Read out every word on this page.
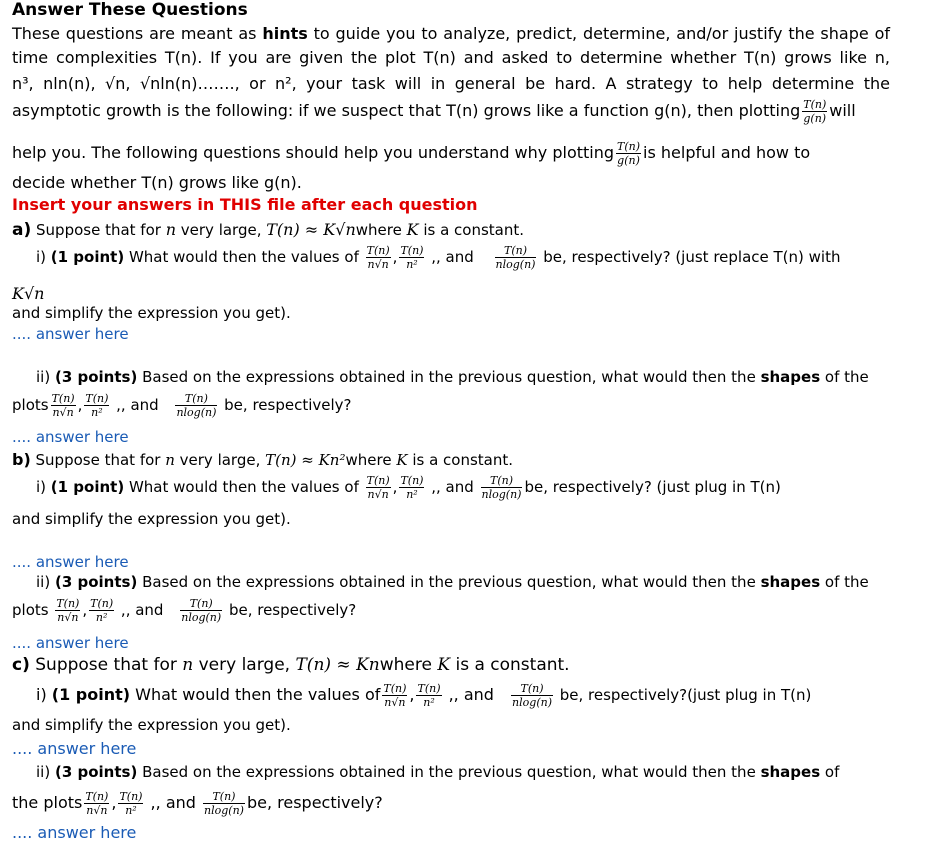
Answer These Questions
These questions are meant as hints to guide you to analyze, predict, determine, and/or justify the shape of
time complexities T(n). If you are given the plot T(n) and asked to determine whether T(n) grows like n,
n³, nln(n), √n, √nln(n)……., or n², your task will in general be hard. A strategy to help determine the
asymptotic growth is the following: if we suspect that T(n) grows like a function g(n), then plotting $\frac{T(n)}{g(n)}$ will
help you. The following questions should help you understand why plotting $\frac{T(n)}{g(n)}$ is helpful and how to
decide whether T(n) grows like g(n).
Insert your answers in THIS file after each question
a) Suppose that for n very large, T(n) ≈ K√nwhere K is a constant.
i) (1 point) What would then the values of $\frac{T(n)}{n√n}$ , $\frac{T(n)}{\text{n²}}$ ,, and $\frac{T(n)}{nlog(n)}$ be, respectively? (just replace T(n) with
K√n
and simplify the expression you get).
.... answer here
ii) (3 points) Based on the expressions obtained in the previous question, what would then the shapes of the
plots $\frac{T(n)}{n√n}$ , $\frac{T(n)}{\text{n²}}$ ,, and $\frac{T(n)}{nlog(n)}$ be, respectively?
.... answer here
b) Suppose that for n very large, T(n) ≈ Kn²where K is a constant.
i) (1 point) What would then the values of $\frac{T(n)}{n√n}$ , $\frac{T(n)}{\text{n²}}$ ,, and $\frac{T(n)}{nlog(n)}$ be, respectively? (just plug in T(n)
and simplify the expression you get).
.... answer here
ii) (3 points) Based on the expressions obtained in the previous question, what would then the shapes of the
plots $\frac{T(n)}{n√n}$ , $\frac{T(n)}{\text{n²}}$ ,, and $\frac{T(n)}{nlog(n)}$ be, respectively?
.... answer here
c) Suppose that for n very large, T(n) ≈ Knwhere K is a constant.
i) (1 point) What would then the values of $\frac{T(n)}{n√n}$ , $\frac{T(n)}{\text{n²}}$ ,, and $\frac{T(n)}{nlog(n)}$ be, respectively?(just plug in T(n)
and simplify the expression you get).
.... answer here
ii) (3 points) Based on the expressions obtained in the previous question, what would then the shapes of
the plots $\frac{T(n)}{n√n}$ , $\frac{T(n)}{\text{n²}}$ ,, and $\frac{T(n)}{nlog(n)}$ be, respectively?
.... answer here
